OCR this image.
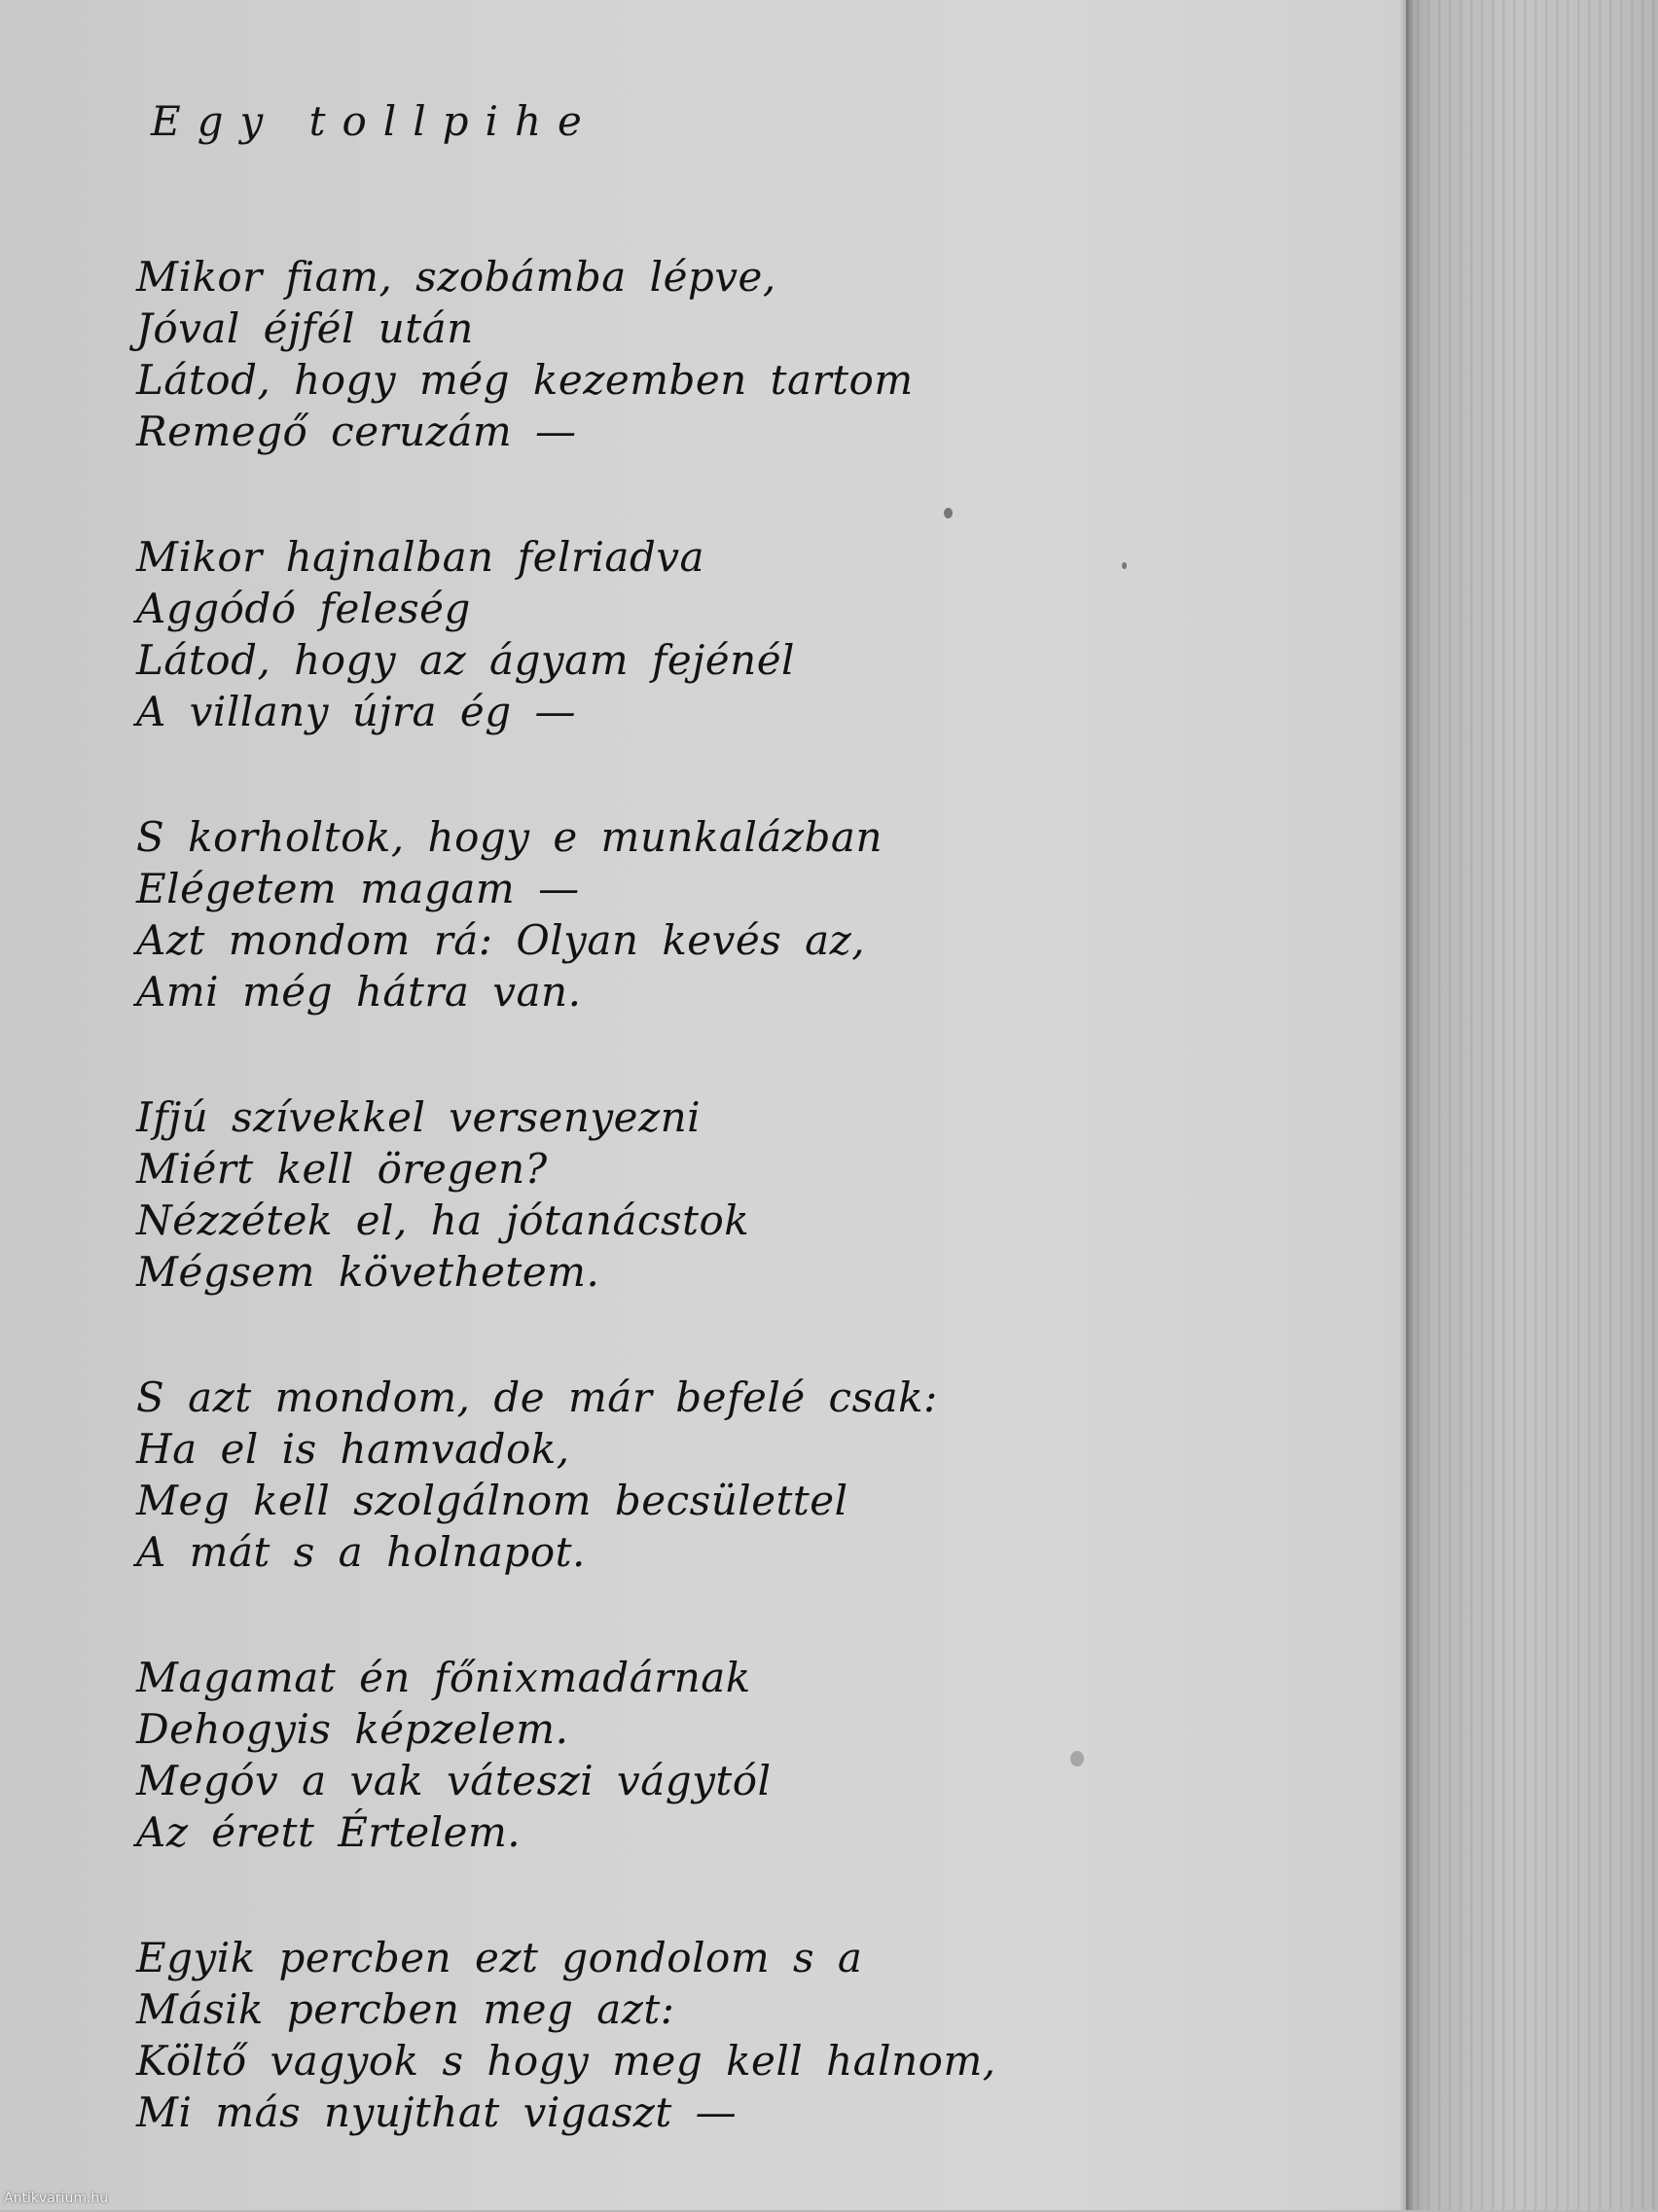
Egy tollpihe
Mikor fiam, szobámba lépve,
Jóval éjfél után
Látod, hogy még kezemben tartom
Remegő ceruzám —
Mikor hajnalban felriadva
Aggódó feleség
Látod, hogy az ágyam fejénél
A villany újra ég —
S korholtok, hogy e munkalázban
Elégetem magam —
Azt mondom rá: Olyan kevés az,
Ami még hátra van.
Ifjú szívekkel versenyezni
Miért kell öregen?
Nézzétek el, ha jótanácstok
Mégsem követhetem.
S azt mondom, de már befelé csak:
Ha el is hamvadok,
Meg kell szolgálnom becsülettel
A mát s a holnapot.
Magamat én főnixmadárnak
Dehogyis képzelem.
Megóv a vak váteszi vágytól
Az érett Értelem.
Egyik percben ezt gondolom s a
Másik percben meg azt:
Költő vagyok s hogy meg kell halnom,
Mi más nyujthat vigaszt —
Antikvarium.hu
